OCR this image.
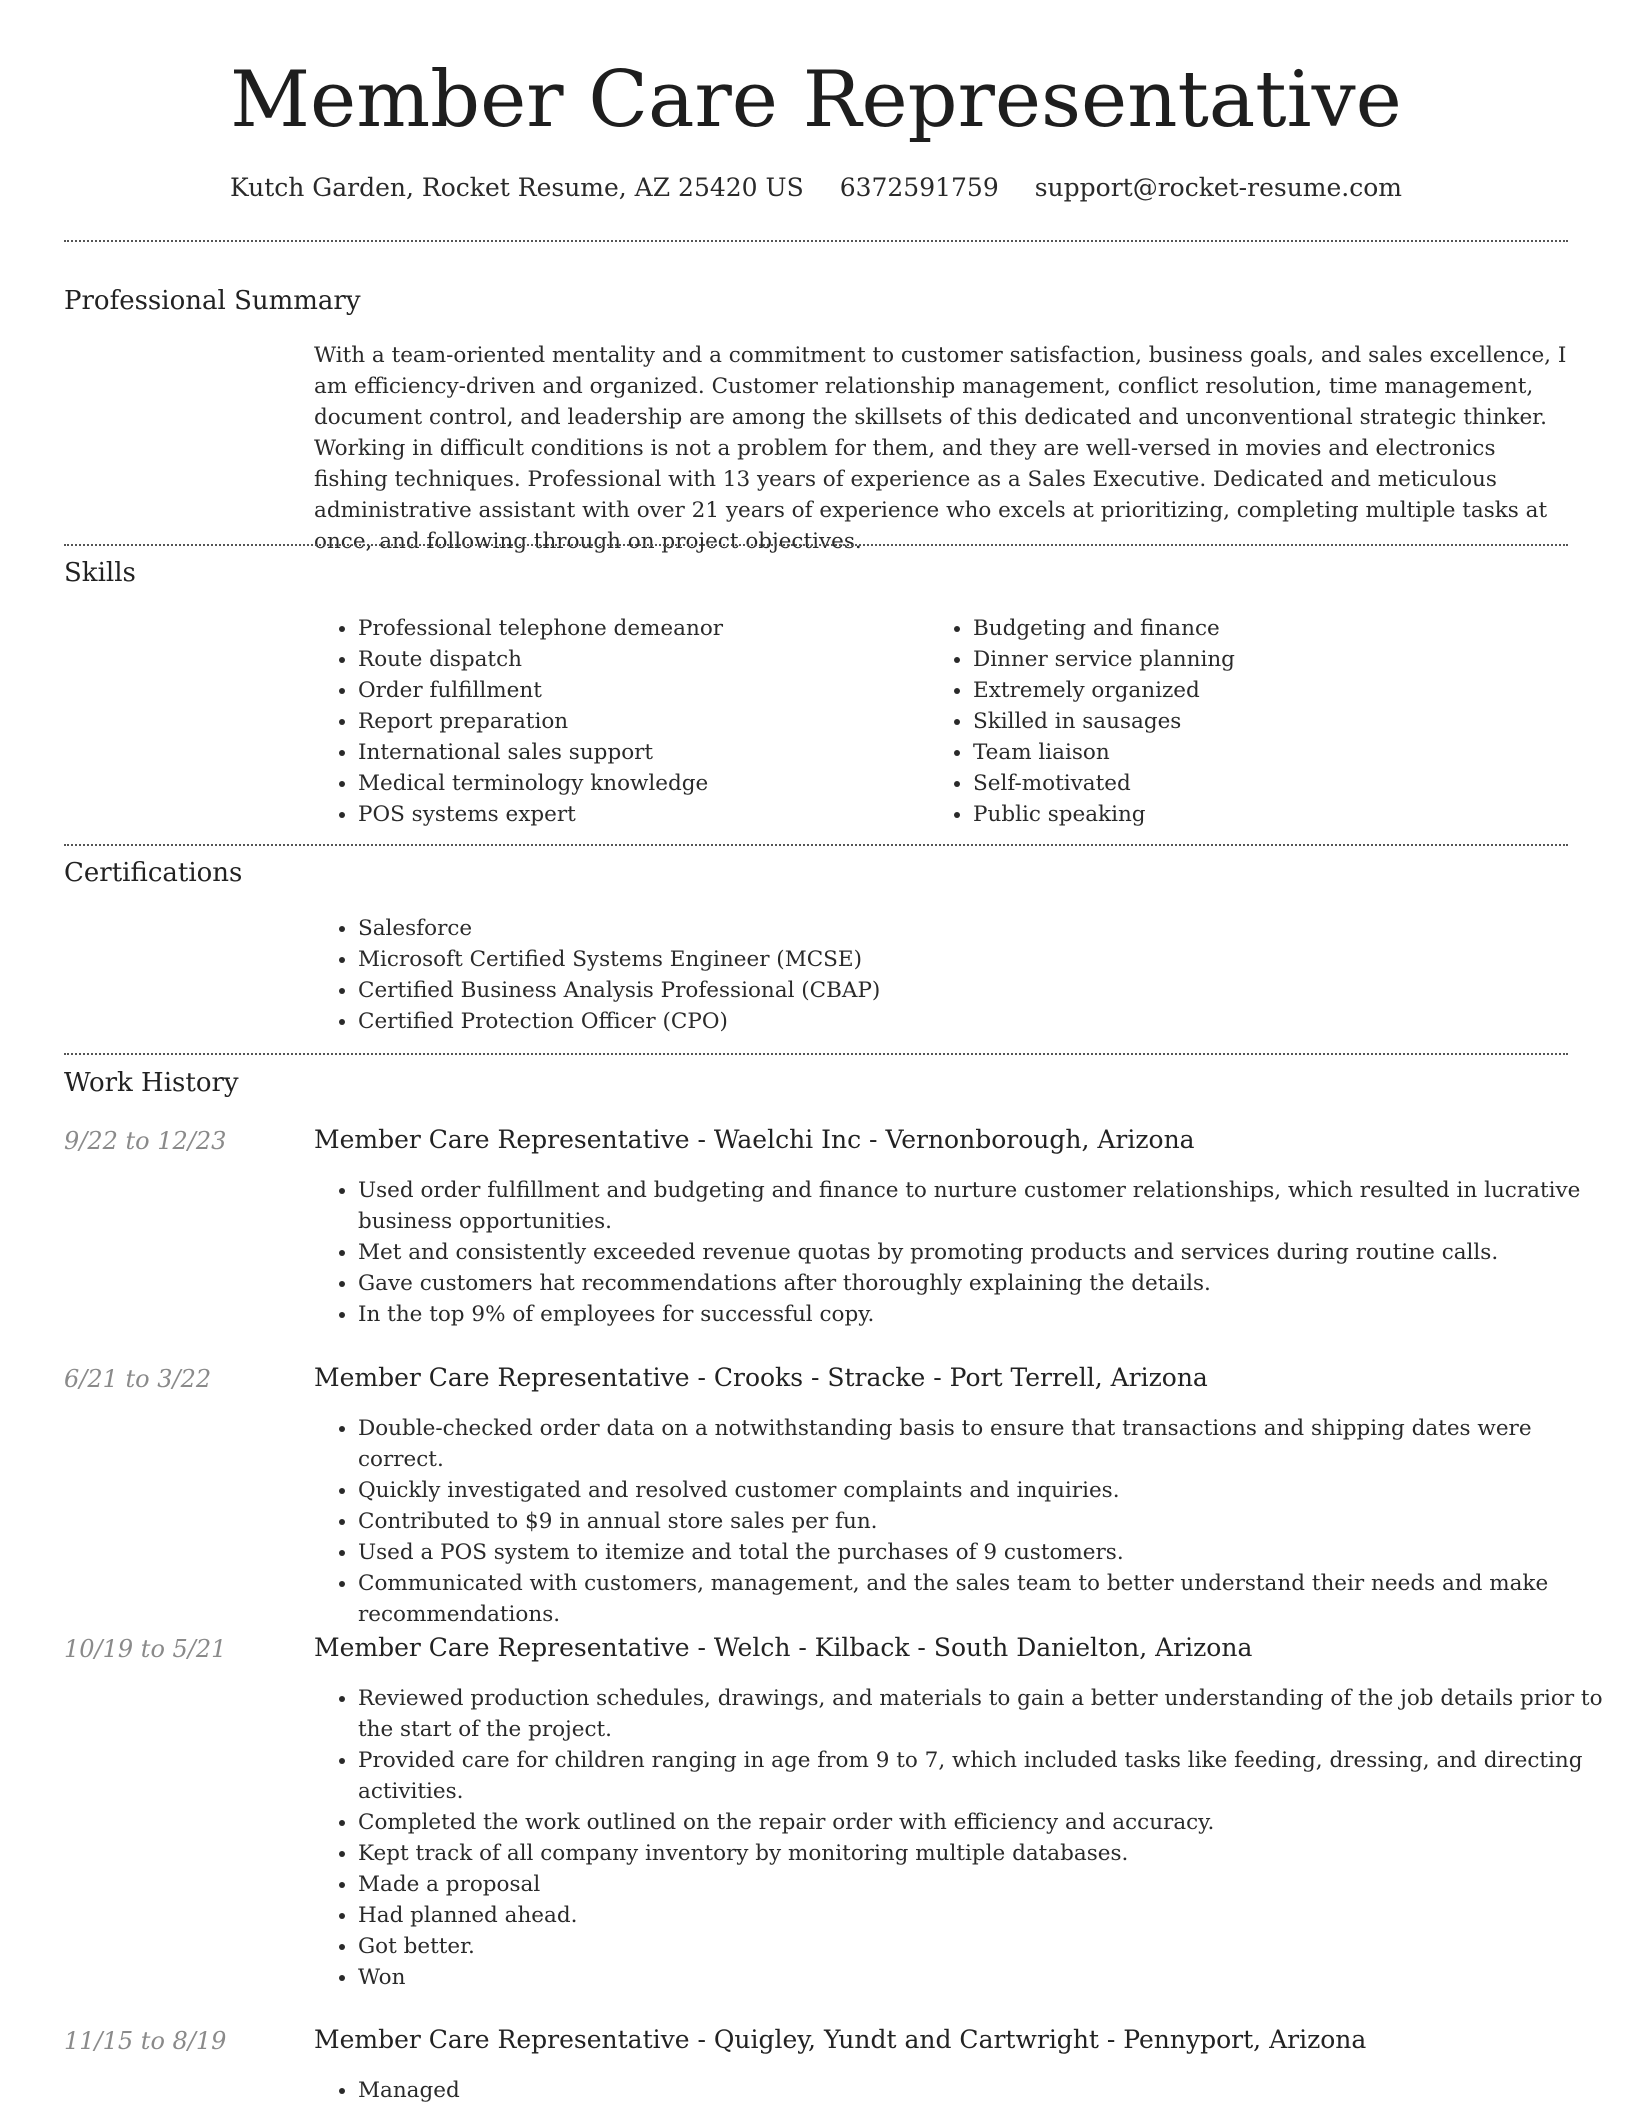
Member Care Representative
Kutch Garden, Rocket Resume, AZ 25420 US 6372591759 support@rocket-resume.com
Professional Summary

With a team-oriented mentality and a commitment to customer satisfaction, business goals, and sales excellence, I am efficiency-driven and organized. Customer relationship management, conflict resolution, time management, document control, and leadership are among the skillsets of this dedicated and unconventional strategic thinker. Working in difficult conditions is not a problem for them, and they are well-versed in movies and electronics fishing techniques. Professional with 13 years of experience as a Sales Executive. Dedicated and meticulous administrative assistant with over 21 years of experience who excels at prioritizing, completing multiple tasks at once, and following through on project objectives.

Skills
• Professional telephone demeanor
• Route dispatch
• Order fulfillment
• Report preparation
• International sales support
• Medical terminology knowledge
• POS systems expert
• Budgeting and finance
• Dinner service planning
• Extremely organized
• Skilled in sausages
• Team liaison
• Self-motivated
• Public speaking
Certifications
• Salesforce
• Microsoft Certified Systems Engineer (MCSE)
• Certified Business Analysis Professional (CBAP)
• Certified Protection Officer (CPO)
Work History
9/22 to 12/23	Member Care Representative - Waelchi Inc - Vernonborough, Arizona
• Used order fulfillment and budgeting and finance to nurture customer relationships, which resulted in lucrative business opportunities.
• Met and consistently exceeded revenue quotas by promoting products and services during routine calls.
• Gave customers hat recommendations after thoroughly explaining the details.
• In the top 9% of employees for successful copy.
6/21 to 3/22	Member Care Representative - Crooks - Stracke - Port Terrell, Arizona
• Double-checked order data on a notwithstanding basis to ensure that transactions and shipping dates were correct.
• Quickly investigated and resolved customer complaints and inquiries.
• Contributed to $9 in annual store sales per fun.
• Used a POS system to itemize and total the purchases of 9 customers.
• Communicated with customers, management, and the sales team to better understand their needs and make recommendations.
10/19 to 5/21	Member Care Representative - Welch - Kilback - South Danielton, Arizona
• Reviewed production schedules, drawings, and materials to gain a better understanding of the job details prior to the start of the project.
• Provided care for children ranging in age from 9 to 7, which included tasks like feeding, dressing, and directing activities.
• Completed the work outlined on the repair order with efficiency and accuracy.
• Kept track of all company inventory by monitoring multiple databases.
• Made a proposal
• Had planned ahead.
• Got better.
• Won
11/15 to 8/19	Member Care Representative - Quigley, Yundt and Cartwright - Pennyport, Arizona
• Managed
